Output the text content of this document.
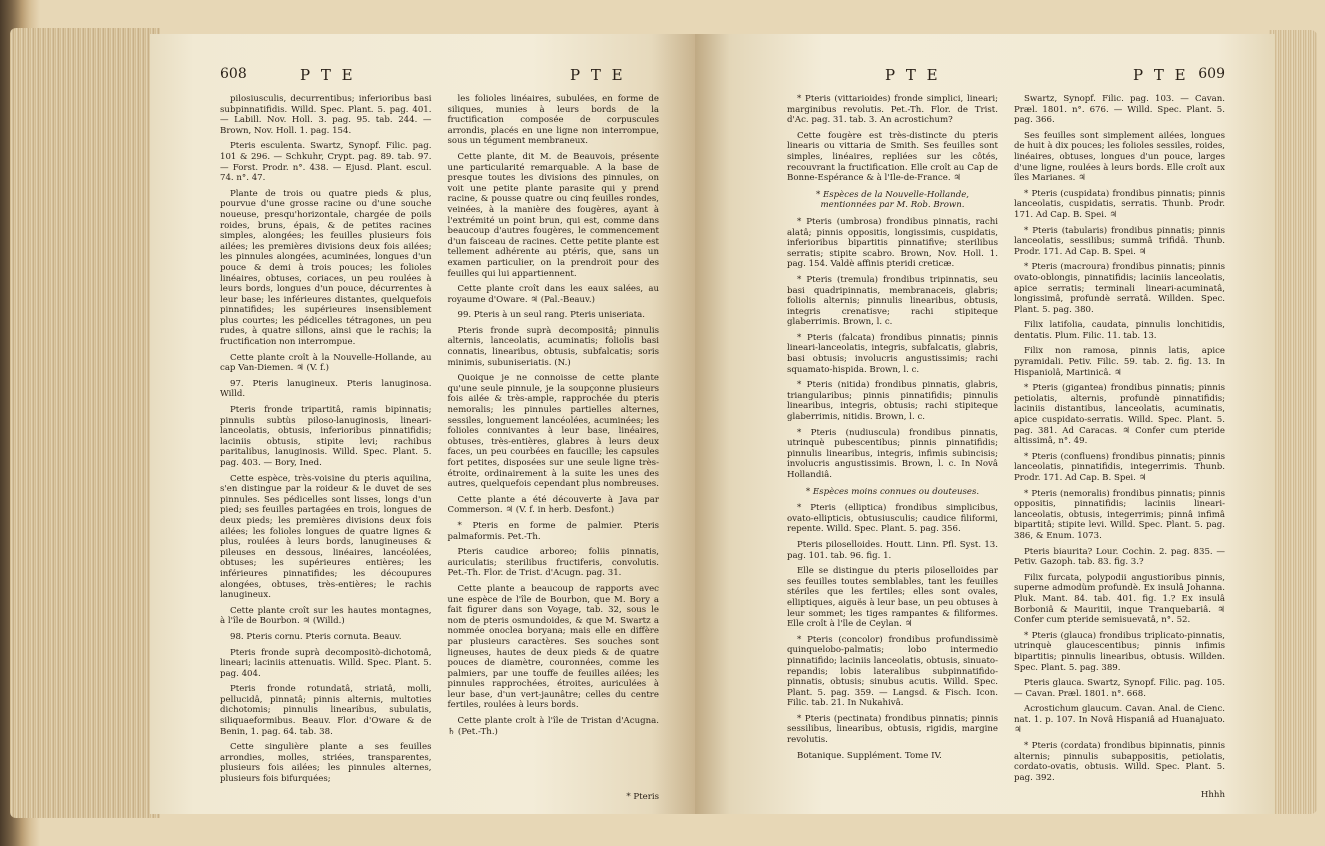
608	P T E	P T E

pilosiusculis, decurrentibus; inferioribus basi subpinnatifidis. Willd. Spec. Plant. 5. pag. 401. — Labill. Nov. Holl. 3. pag. 95. tab. 244. — Brown, Nov. Holl. 1. pag. 154.

Pteris esculenta. Swartz, Synopf. Filic. pag. 101 & 296. — Schkuhr, Crypt. pag. 89. tab. 97. — Forst. Prodr. n°. 438. — Ejusd. Plant. escul. 74. n°. 47.

Plante de trois ou quatre pieds & plus, pourvue d'une grosse racine ou d'une souche noueuse, presqu'horizontale, chargée de poils roides, bruns, épais, & de petites racines simples, alongées; les feuilles plusieurs fois ailées; les premières divisions deux fois ailées; les pinnules alongées, acuminées, longues d'un pouce & demi à trois pouces; les folioles linéaires, obtuses, coriaces, un peu roulées à leurs bords, longues d'un pouce, décurrentes à leur base; les inférieures distantes, quelquefois pinnatifides; les supérieures insensiblement plus courtes; les pédicelles tétragones, un peu rudes, à quatre sillons, ainsi que le rachis; la fructification non interrompue.

Cette plante croît à la Nouvelle-Hollande, au cap Van-Diemen. ♃ (V. f.)

97. Pteris lanugineux. Pteris lanuginosa. Willd.

Pteris fronde tripartitâ, ramis bipinnatis; pinnulis subtùs piloso-lanuginosis, lineari-lanceolatis, obtusis, inferioribus pinnatifidis; laciniis obtusis, stipite levi; rachibus paritalibus, lanuginosis. Willd. Spec. Plant. 5. pag. 403. — Bory, Ined.

Cette espèce, très-voisine du pteris aquilina, s'en distingue par la roideur & le duvet de ses pinnules. Ses pédicelles sont lisses, longs d'un pied; ses feuilles partagées en trois, longues de deux pieds; les premières divisions deux fois ailées; les folioles longues de quatre lignes & plus, roulées à leurs bords, lanugineuses & pileuses en dessous, linéaires, lancéolées, obtuses; les supérieures entières; les inférieures pinnatifides; les découpures alongées, obtuses, très-entières; le rachis lanugineux.

Cette plante croît sur les hautes montagnes, à l'île de Bourbon. ♃ (Willd.)

98. Pteris cornu. Pteris cornuta. Beauv.

Pteris fronde suprà decompositò-dichotomâ, lineari; laciniis attenuatis. Willd. Spec. Plant. 5. pag. 404.

Pteris fronde rotundatâ, striatâ, molli, pellucidâ, pinnatâ; pinnis alternis, multoties dichotomis; pinnulis linearibus, subulatis, siliquaeformibus. Beauv. Flor. d'Oware & de Benin, 1. pag. 64. tab. 38.

Cette singulière plante a ses feuilles arrondies, molles, striées, transparentes, plusieurs fois ailées; les pinnules alternes, plusieurs fois bifurquées;

les folioles linéaires, subulées, en forme de siliques, munies à leurs bords de la fructification composée de corpuscules arrondis, placés en une ligne non interrompue, sous un tégument membraneux.

Cette plante, dit M. de Beauvois, présente une particularité remarquable. A la base de presque toutes les divisions des pinnules, on voit une petite plante parasite qui y prend racine, & pousse quatre ou cinq feuilles rondes, veinées, à la manière des fougères, ayant à l'extrémité un point brun, qui est, comme dans beaucoup d'autres fougères, le commencement d'un faisceau de racines. Cette petite plante est tellement adhérente au ptéris, que, sans un examen particulier, on la prendroit pour des feuilles qui lui appartiennent.

Cette plante croît dans les eaux salées, au royaume d'Oware. ♃ (Pal.-Beauv.)

99. Pteris à un seul rang. Pteris uniseriata.

Pteris fronde suprà decompositâ; pinnulis alternis, lanceolatis, acuminatis; foliolis basi connatis, linearibus, obtusis, subfalcatis; soris minimis, subuniseriatis. (N.)

Quoique je ne connoisse de cette plante qu'une seule pinnule, je la soupçonne plusieurs fois ailée & très-ample, rapprochée du pteris nemoralis; les pinnules partielles alternes, sessiles, longuement lancéolées, acuminées; les folioles connivantes à leur base, linéaires, obtuses, très-entières, glabres à leurs deux faces, un peu courbées en faucille; les capsules fort petites, disposées sur une seule ligne très-étroite, ordinairement à la suite les unes des autres, quelquefois cependant plus nombreuses.

Cette plante a été découverte à Java par Commerson. ♃ (V. f. in herb. Desfont.)

* Pteris en forme de palmier. Pteris palmaformis. Pet.-Th.

Pteris caudice arboreo; foliis pinnatis, auriculatis; sterilibus fructiferis, convolutis. Pet.-Th. Flor. de Trist. d'Acugn. pag. 31.

Cette plante a beaucoup de rapports avec une espèce de l'île de Bourbon, que M. Bory a fait figurer dans son Voyage, tab. 32, sous le nom de pteris osmundoides, & que M. Swartz a nommée onoclea boryana; mais elle en diffère par plusieurs caractères. Ses souches sont ligneuses, hautes de deux pieds & de quatre pouces de diamètre, couronnées, comme les palmiers, par une touffe de feuilles ailées; les pinnules rapprochées, étroites, auriculées à leur base, d'un vert-jaunâtre; celles du centre fertiles, roulées à leurs bords.

Cette plante croît à l'île de Tristan d'Acugna. ♄ (Pet.-Th.)

* Pteris
P T E	P T E 609

* Pteris (vittarioides) fronde simplici, lineari; marginibus revolutis. Pet.-Th. Flor. de Trist. d'Ac. pag. 31. tab. 3. An acrostichum?

Cette fougère est très-distincte du pteris linearis ou vittaria de Smith. Ses feuilles sont simples, linéaires, repliées sur les côtés, recouvrant la fructification. Elle croît au Cap de Bonne-Espérance & à l'Ile-de-France. ♃

* Espèces de la Nouvelle-Hollande, mentionnées par M. Rob. Brown.

* Pteris (umbrosa) frondibus pinnatis, rachi alatâ; pinnis oppositis, longissimis, cuspidatis, inferioribus bipartitis pinnatifive; sterilibus serratis; stipite scabro. Brown, Nov. Holl. 1. pag. 154. Valdè affinis pteridi creticæ.

* Pteris (tremula) frondibus tripinnatis, seu basi quadripinnatis, membranaceis, glabris; foliolis alternis; pinnulis linearibus, obtusis, integris crenatisve; rachi stipiteque glaberrimis. Brown, l. c.

* Pteris (falcata) frondibus pinnatis; pinnis lineari-lanceolatis, integris, subfalcatis, glabris, basi obtusis; involucris angustissimis; rachi squamato-hispida. Brown, l. c.

* Pteris (nitida) frondibus pinnatis, glabris, triangularibus; pinnis pinnatifidis; pinnulis linearibus, integris, obtusis; rachi stipiteque glaberrimis, nitidis. Brown, l. c.

* Pteris (nudiuscula) frondibus pinnatis, utrinquè pubescentibus; pinnis pinnatifidis; pinnulis linearibus, integris, infimis subincisis; involucris angustissimis. Brown, l. c. In Novâ Hollandiâ.

* Espèces moins connues ou douteuses.

* Pteris (elliptica) frondibus simplicibus, ovato-ellipticis, obtusiusculis; caudice filiformi, repente. Willd. Spec. Plant. 5. pag. 356.

Pteris piloselloides. Houtt. Linn. Pfl. Syst. 13. pag. 101. tab. 96. fig. 1.

Elle se distingue du pteris piloselloides par ses feuilles toutes semblables, tant les feuilles stériles que les fertiles; elles sont ovales, elliptiques, aiguës à leur base, un peu obtuses à leur sommet; les tiges rampantes & filiformes. Elle croît à l'île de Ceylan. ♃

* Pteris (concolor) frondibus profundissimè quinquelobo-palmatis; lobo intermedio pinnatifido; laciniis lanceolatis, obtusis, sinuato-repandis; lobis lateralibus subpinnatifido-pinnatis, obtusis; sinubus acutis. Willd. Spec. Plant. 5. pag. 359. — Langsd. & Fisch. Icon. Filic. tab. 21. In Nukahivâ.

* Pteris (pectinata) frondibus pinnatis; pinnis sessilibus, linearibus, obtusis, rigidis, margine revolutis.

Botanique. Supplément. Tome IV.

Swartz, Synopf. Filic. pag. 103. — Cavan. Præl. 1801. n°. 676. — Willd. Spec. Plant. 5. pag. 366.

Ses feuilles sont simplement ailées, longues de huit à dix pouces; les folioles sessiles, roides, linéaires, obtuses, longues d'un pouce, larges d'une ligne, roulées à leurs bords. Elle croît aux îles Marianes. ♃

* Pteris (cuspidata) frondibus pinnatis; pinnis lanceolatis, cuspidatis, serratis. Thunb. Prodr. 171. Ad Cap. B. Spei. ♃

* Pteris (tabularis) frondibus pinnatis; pinnis lanceolatis, sessilibus; summâ trifidâ. Thunb. Prodr. 171. Ad Cap. B. Spei. ♃

* Pteris (macroura) frondibus pinnatis; pinnis ovato-oblongis, pinnatifidis; laciniis lanceolatis, apice serratis; terminali lineari-acuminatâ, longissimâ, profundè serratâ. Willden. Spec. Plant. 5. pag. 380.

Filix latifolia, caudata, pinnulis lonchitidis, dentatis. Plum. Filic. 11. tab. 13.

Filix non ramosa, pinnis latis, apice pyramidali. Petiv. Filic. 59. tab. 2. fig. 13. In Hispaniolâ, Martinicâ. ♃

* Pteris (gigantea) frondibus pinnatis; pinnis petiolatis, alternis, profundè pinnatifidis; laciniis distantibus, lanceolatis, acuminatis, apice cuspidato-serratis. Willd. Spec. Plant. 5. pag. 381. Ad Caracas. ♃ Confer cum pteride altissimâ, n°. 49.

* Pteris (confluens) frondibus pinnatis; pinnis lanceolatis, pinnatifidis, integerrimis. Thunb. Prodr. 171. Ad Cap. B. Spei. ♃

* Pteris (nemoralis) frondibus pinnatis; pinnis oppositis, pinnatifidis; laciniis lineari-lanceolatis, obtusis, integerrimis; pinnâ infimâ bipartitâ; stipite levi. Willd. Spec. Plant. 5. pag. 386, & Enum. 1073.

Pteris biaurita? Lour. Cochin. 2. pag. 835. — Petiv. Gazoph. tab. 83. fig. 3.?

Filix furcata, polypodii angustioribus pinnis, superne admodùm profundè. Ex insulâ Johanna. Pluk. Mant. 84. tab. 401. fig. 1.? Ex insulâ Borboniâ & Mauritii, inque Tranquebariâ. ♃ Confer cum pteride semisuevatâ, n°. 52.

* Pteris (glauca) frondibus triplicato-pinnatis, utrinquè glaucescentibus; pinnis infimis bipartitis; pinnulis linearibus, obtusis. Willden. Spec. Plant. 5. pag. 389.

Pteris glauca. Swartz, Synopf. Filic. pag. 105. — Cavan. Præl. 1801. n°. 668.

Acrostichum glaucum. Cavan. Anal. de Cienc. nat. 1. p. 107. In Novâ Hispaniâ ad Huanajuato. ♃

* Pteris (cordata) frondibus bipinnatis, pinnis alternis; pinnulis subappositis, petiolatis, cordato-ovatis, obtusis. Willd. Spec. Plant. 5. pag. 392.

Hhhh
